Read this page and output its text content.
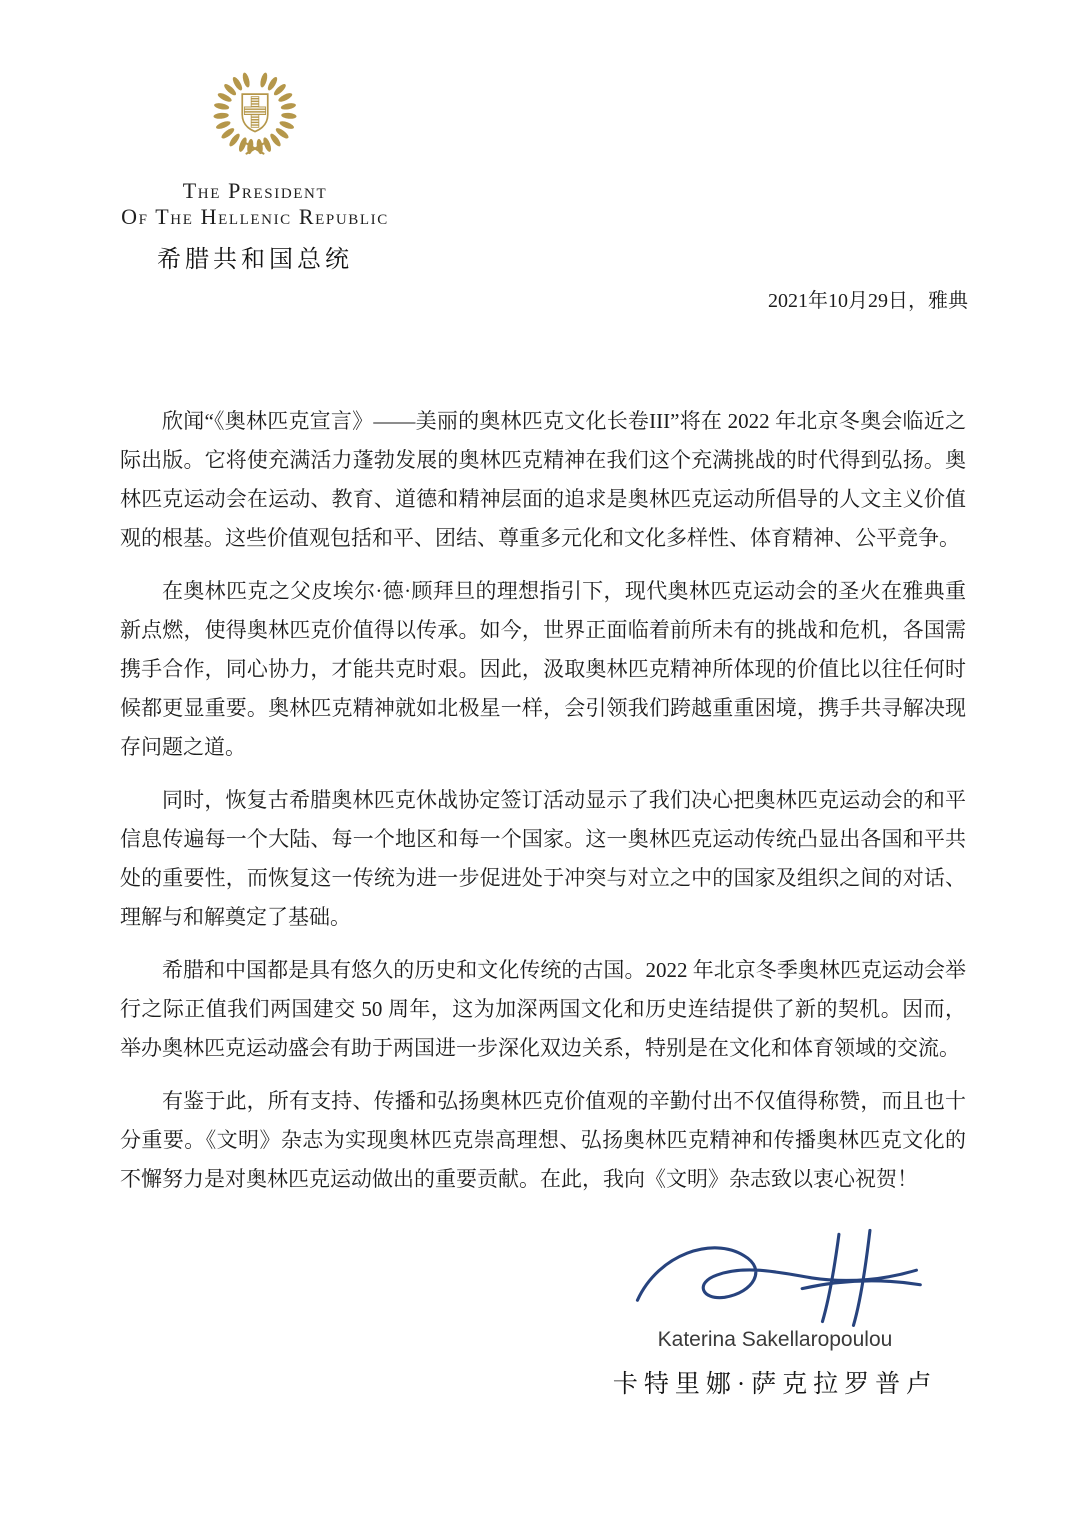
The President
Of The Hellenic Republic
希腊共和国总统
2021年10月29日，雅典

欣闻“《奥林匹克宣言》——美丽的奥林匹克文化长卷III”将在 2022 年北京冬奥会临近之际出版。它将使充满活力蓬勃发展的奥林匹克精神在我们这个充满挑战的时代得到弘扬。奥林匹克运动会在运动、教育、道德和精神层面的追求是奥林匹克运动所倡导的人文主义价值观的根基。这些价值观包括和平、团结、尊重多元化和文化多样性、体育精神、公平竞争。

在奥林匹克之父皮埃尔·德·顾拜旦的理想指引下，现代奥林匹克运动会的圣火在雅典重新点燃，使得奥林匹克价值得以传承。如今，世界正面临着前所未有的挑战和危机，各国需携手合作，同心协力，才能共克时艰。因此，汲取奥林匹克精神所体现的价值比以往任何时候都更显重要。奥林匹克精神就如北极星一样，会引领我们跨越重重困境，携手共寻解决现存问题之道。

同时，恢复古希腊奥林匹克休战协定签订活动显示了我们决心把奥林匹克运动会的和平信息传遍每一个大陆、每一个地区和每一个国家。这一奥林匹克运动传统凸显出各国和平共处的重要性，而恢复这一传统为进一步促进处于冲突与对立之中的国家及组织之间的对话、理解与和解奠定了基础。

希腊和中国都是具有悠久的历史和文化传统的古国。2022 年北京冬季奥林匹克运动会举行之际正值我们两国建交 50 周年，这为加深两国文化和历史连结提供了新的契机。因而，举办奥林匹克运动盛会有助于两国进一步深化双边关系，特别是在文化和体育领域的交流。

有鉴于此，所有支持、传播和弘扬奥林匹克价值观的辛勤付出不仅值得称赞，而且也十分重要。《文明》杂志为实现奥林匹克崇高理想、弘扬奥林匹克精神和传播奥林匹克文化的不懈努力是对奥林匹克运动做出的重要贡献。在此，我向《文明》杂志致以衷心祝贺！

Katerina Sakellaropoulou
卡特里娜·萨克拉罗普卢
